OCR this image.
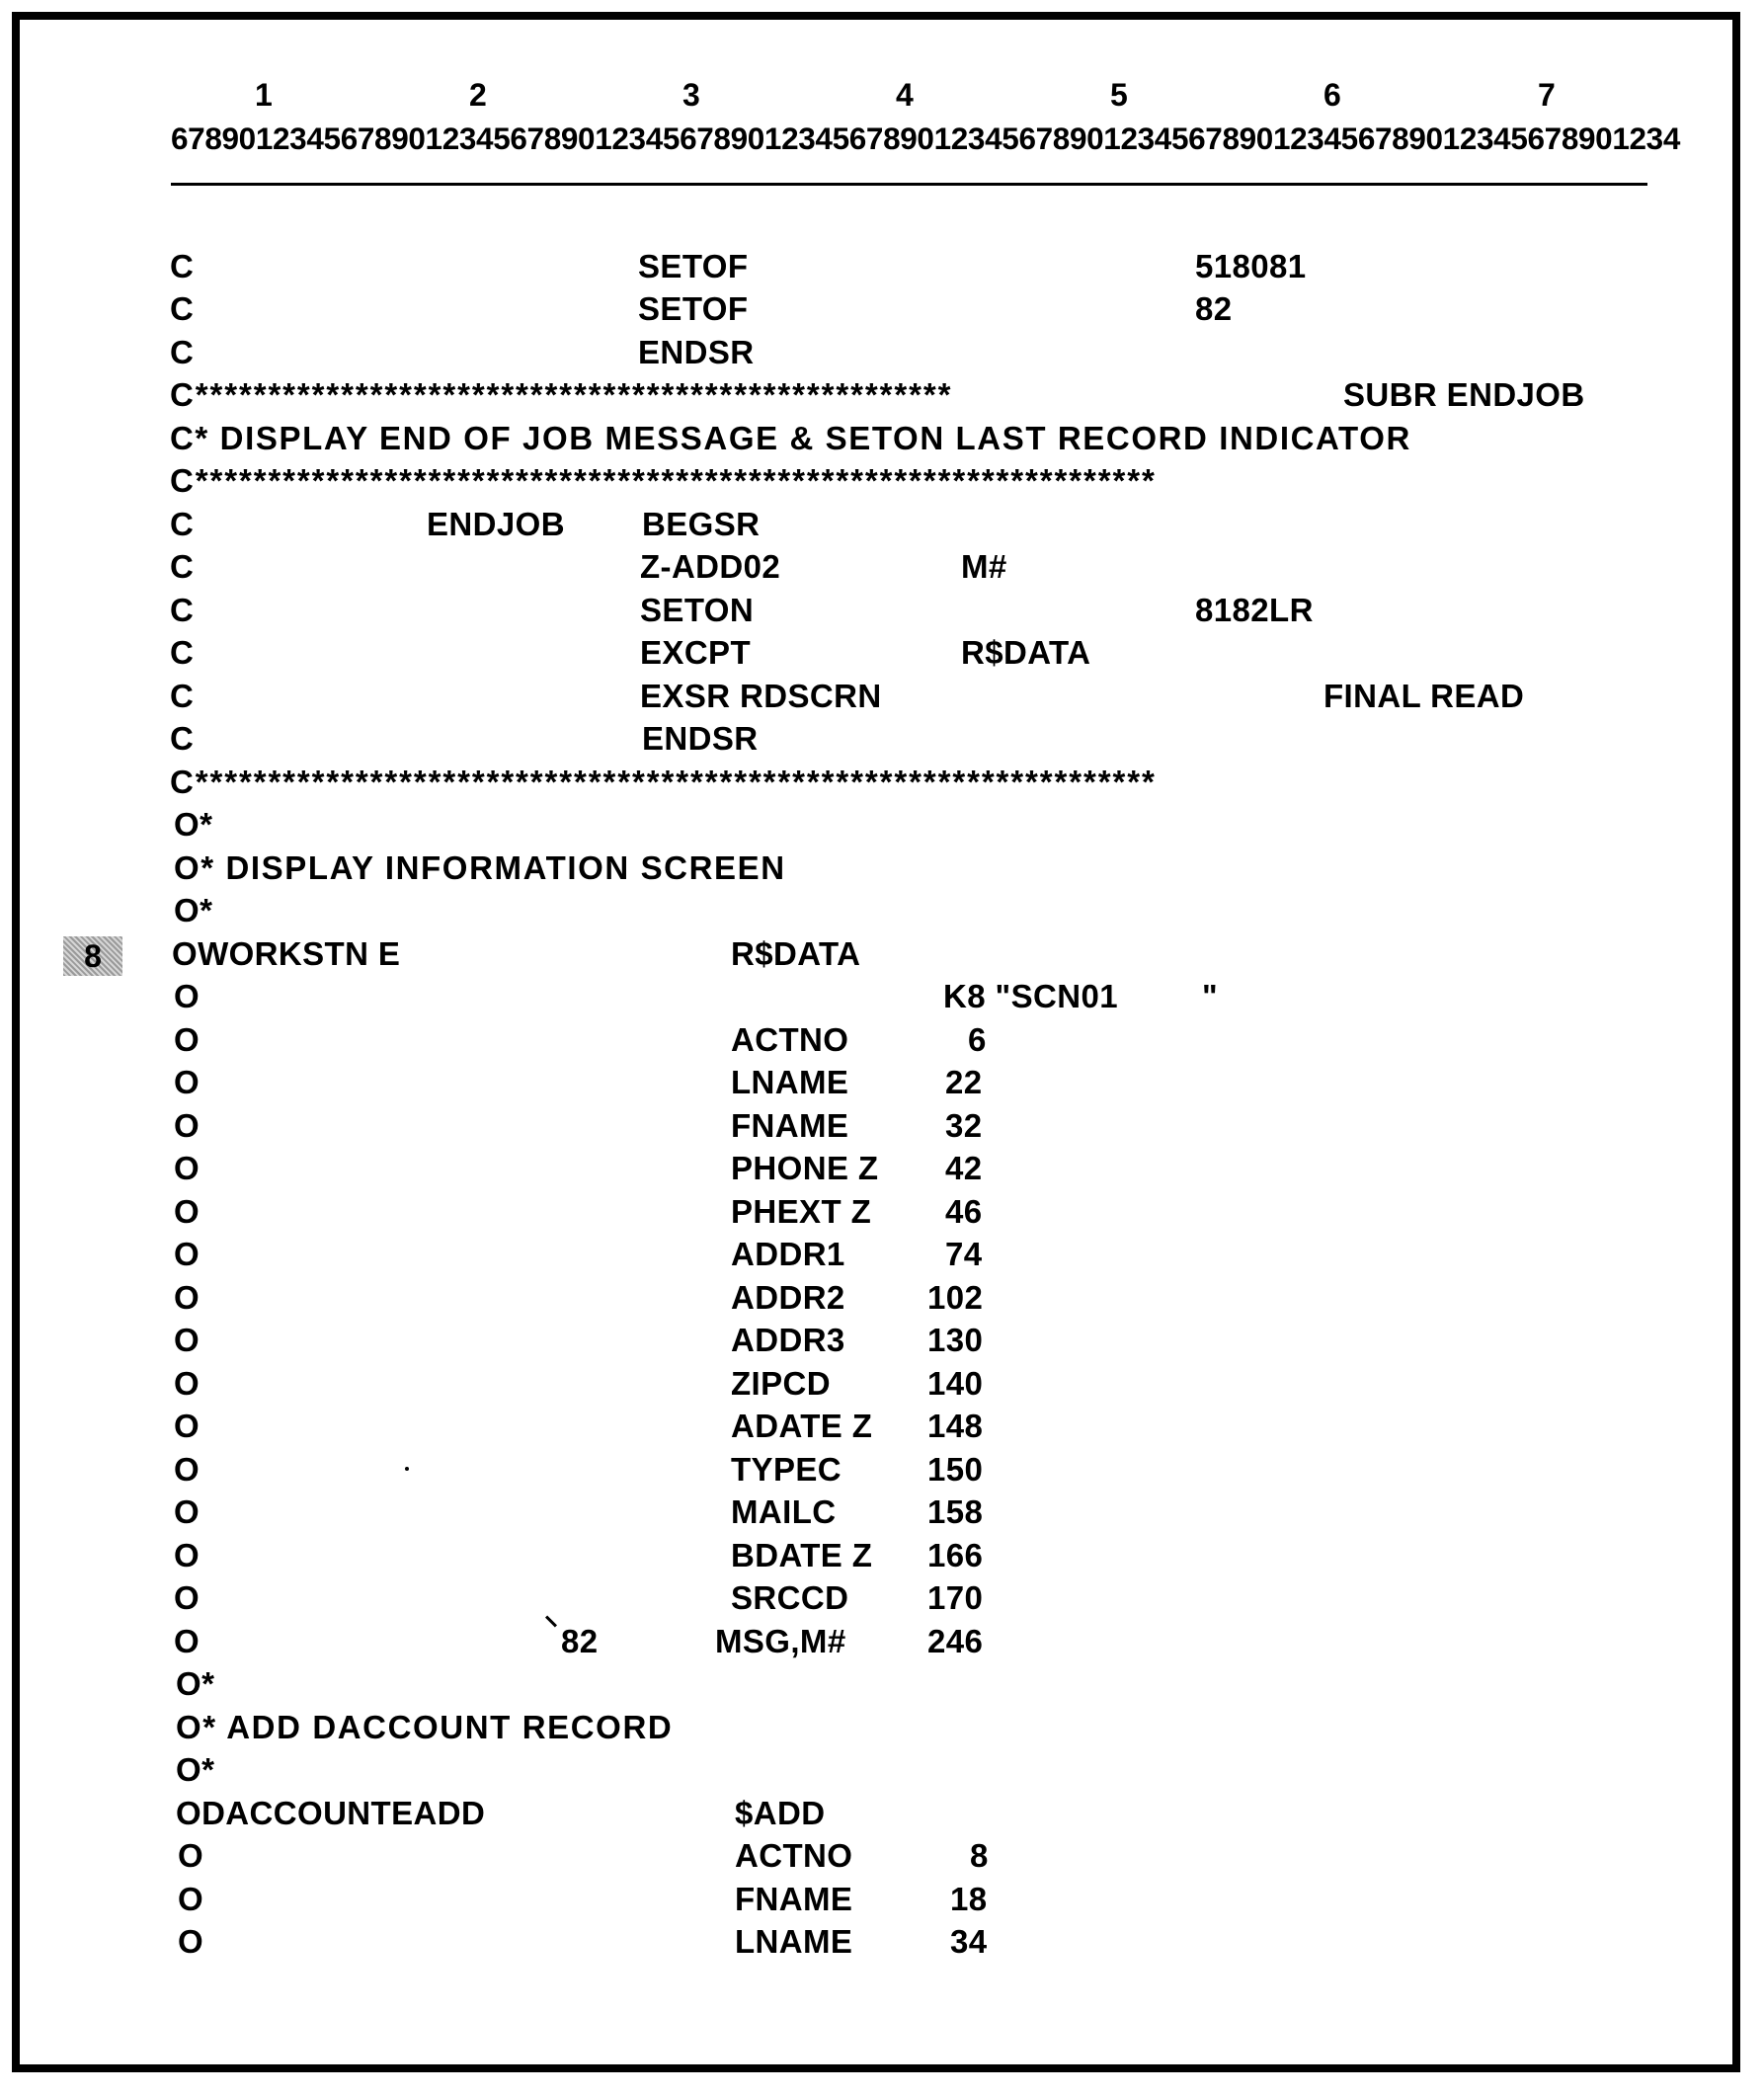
1	2	3	4	5	6	7
67890123456789012345678901234567890123456789012345678901234567890123456789012345678901234
8
C	SETOF	518081
C	SETOF	82
C	ENDSR
C****************************************************	SUBR ENDJOB
C* DISPLAY END OF JOB MESSAGE & SETON LAST RECORD INDICATOR
C******************************************************************
C	ENDJOB BEGSR
C	Z-ADD02	M#
C	SETON	8182LR
C	EXCPT	R$DATA
C	EXSR RDSCRN	FINAL READ
C	ENDSR
C******************************************************************
O*
O* DISPLAY INFORMATION SCREEN
O*
OWORKSTN E	R$DATA
O	K8 "SCN01	"
O	ACTNO	6
O	LNAME	22
O	FNAME	32
O	PHONE Z 42
O	PHEXT Z 46
O	ADDR1	74
O	ADDR2	102
O	ADDR3	130
O	ZIPCD	140
O	ADATE Z 148
O	TYPEC	150
O	MAILC	158
O	BDATE Z 166
O	SRCCD 170
O	82	MSG,M# 246
O*
O* ADD DACCOUNT RECORD
O*
ODACCOUNTEADD	$ADD
O	ACTNO	8
O	FNAME	18
O	LNAME	34
